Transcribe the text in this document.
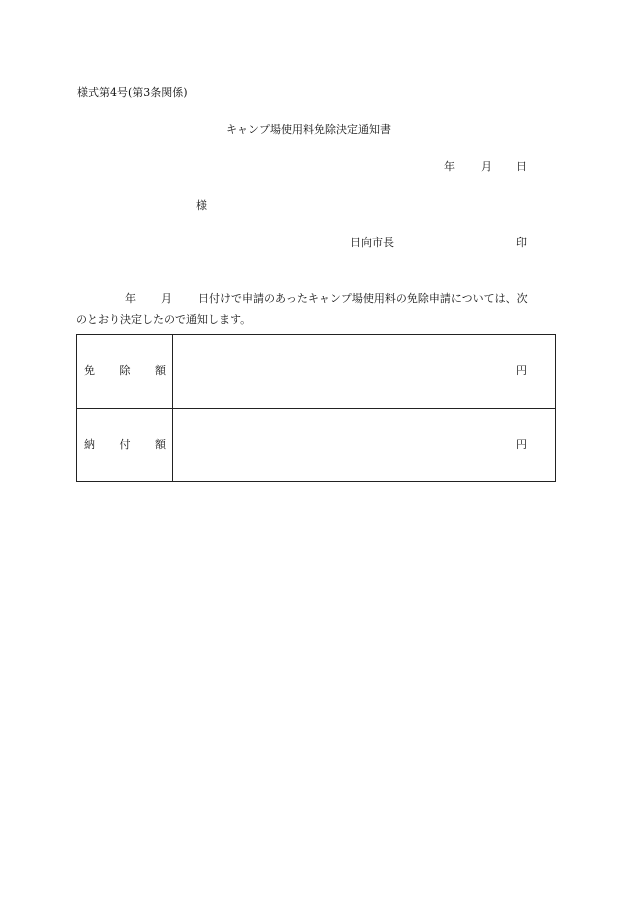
様式第4号(第3条関係)
キャンプ場使用料免除決定通知書
年 月 日
様
日向市長	印
年 月 日付けで申請のあったキャンプ場使用料の免除申請については、次
のとおり決定したので通知します。
免 除 額	円
納 付 額	円
